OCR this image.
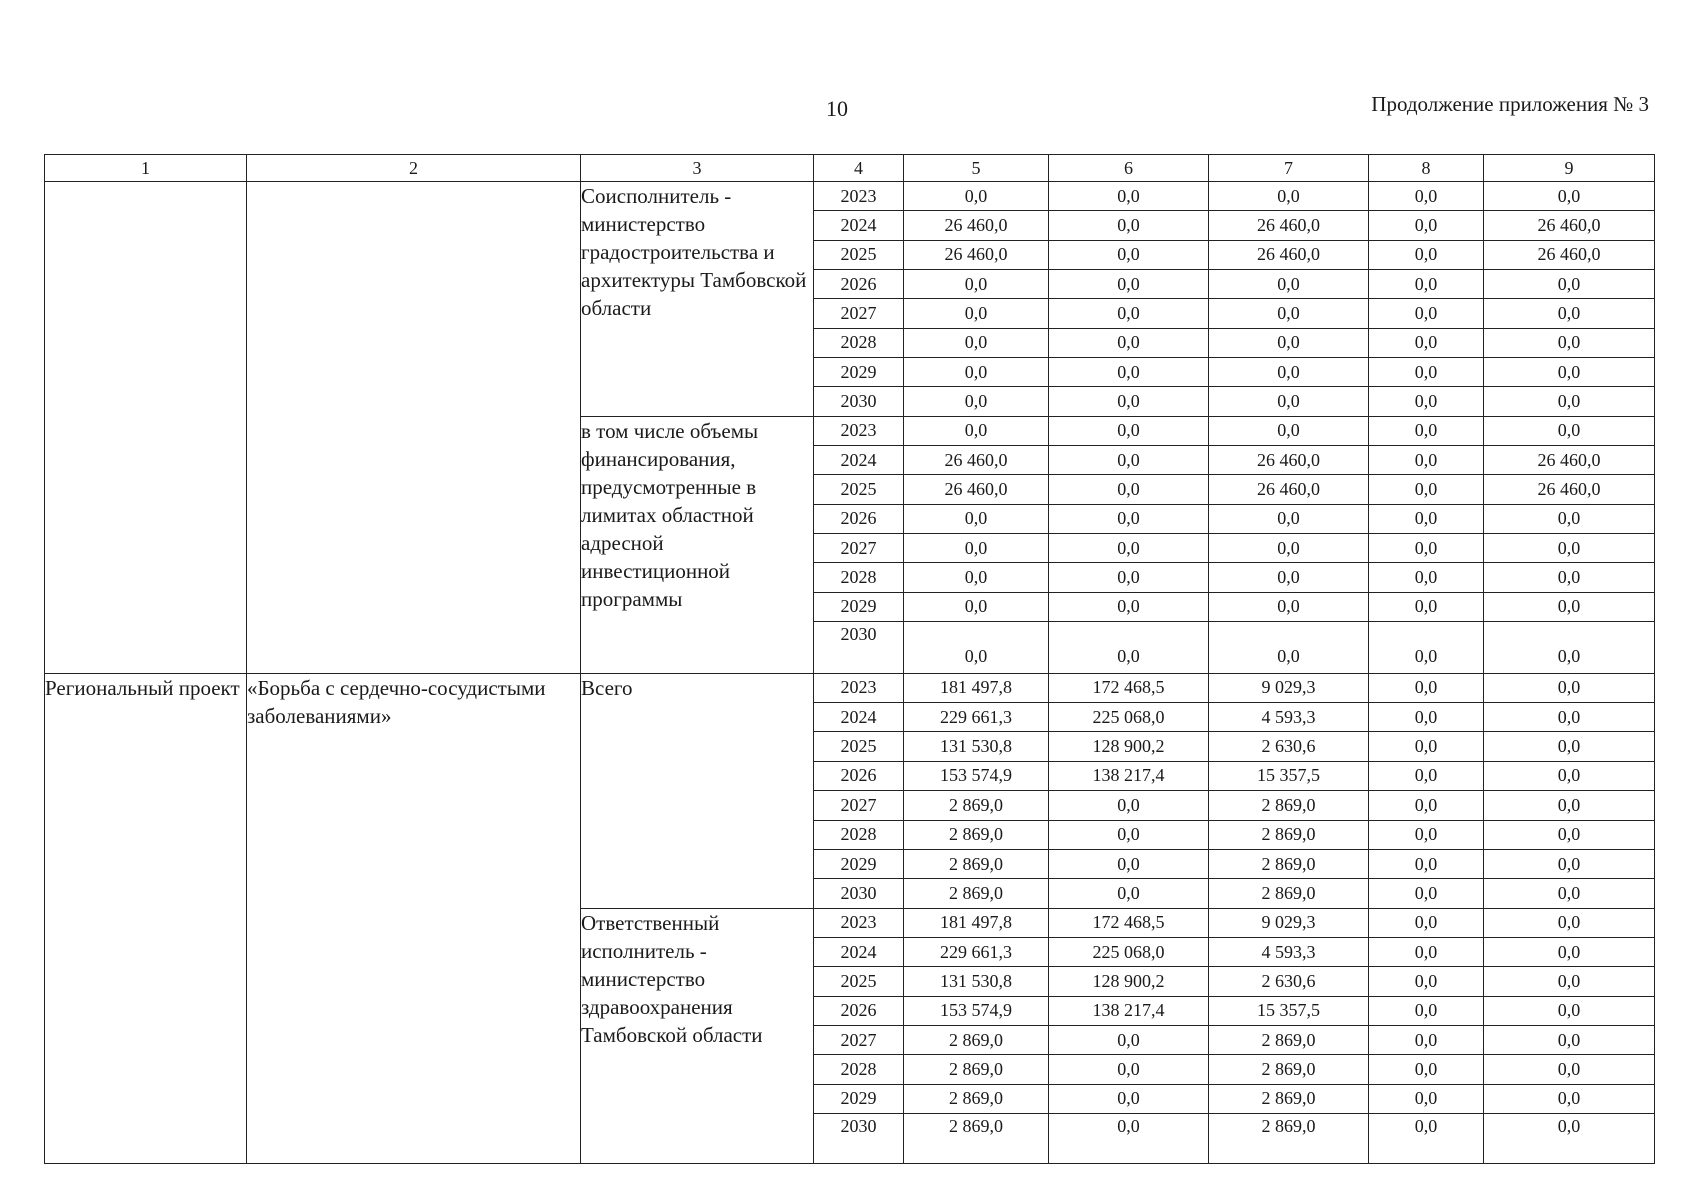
10	Продолжение приложения № 3
1	2	3	4	5	6	7	8	9
		Соисполнитель - министерство градостроительства и архитектуры Тамбовской области	2023	0,0	0,0	0,0	0,0	0,0
			2024	26 460,0	0,0	26 460,0	0,0	26 460,0
			2025	26 460,0	0,0	26 460,0	0,0	26 460,0
			2026	0,0	0,0	0,0	0,0	0,0
			2027	0,0	0,0	0,0	0,0	0,0
			2028	0,0	0,0	0,0	0,0	0,0
			2029	0,0	0,0	0,0	0,0	0,0
			2030	0,0	0,0	0,0	0,0	0,0
		в том числе объемы финансирования, предусмотренные в лимитах областной адресной инвестиционной программы	2023	0,0	0,0	0,0	0,0	0,0
			2024	26 460,0	0,0	26 460,0	0,0	26 460,0
			2025	26 460,0	0,0	26 460,0	0,0	26 460,0
			2026	0,0	0,0	0,0	0,0	0,0
			2027	0,0	0,0	0,0	0,0	0,0
			2028	0,0	0,0	0,0	0,0	0,0
			2029	0,0	0,0	0,0	0,0	0,0
			2030	0,0	0,0	0,0	0,0	0,0
Региональный проект	«Борьба с сердечно-сосудистыми заболеваниями»	Всего	2023	181 497,8	172 468,5	9 029,3	0,0	0,0
			2024	229 661,3	225 068,0	4 593,3	0,0	0,0
			2025	131 530,8	128 900,2	2 630,6	0,0	0,0
			2026	153 574,9	138 217,4	15 357,5	0,0	0,0
			2027	2 869,0	0,0	2 869,0	0,0	0,0
			2028	2 869,0	0,0	2 869,0	0,0	0,0
			2029	2 869,0	0,0	2 869,0	0,0	0,0
			2030	2 869,0	0,0	2 869,0	0,0	0,0
		Ответственный исполнитель - министерство здравоохранения Тамбовской области	2023	181 497,8	172 468,5	9 029,3	0,0	0,0
			2024	229 661,3	225 068,0	4 593,3	0,0	0,0
			2025	131 530,8	128 900,2	2 630,6	0,0	0,0
			2026	153 574,9	138 217,4	15 357,5	0,0	0,0
			2027	2 869,0	0,0	2 869,0	0,0	0,0
			2028	2 869,0	0,0	2 869,0	0,0	0,0
			2029	2 869,0	0,0	2 869,0	0,0	0,0
			2030	2 869,0	0,0	2 869,0	0,0	0,0
